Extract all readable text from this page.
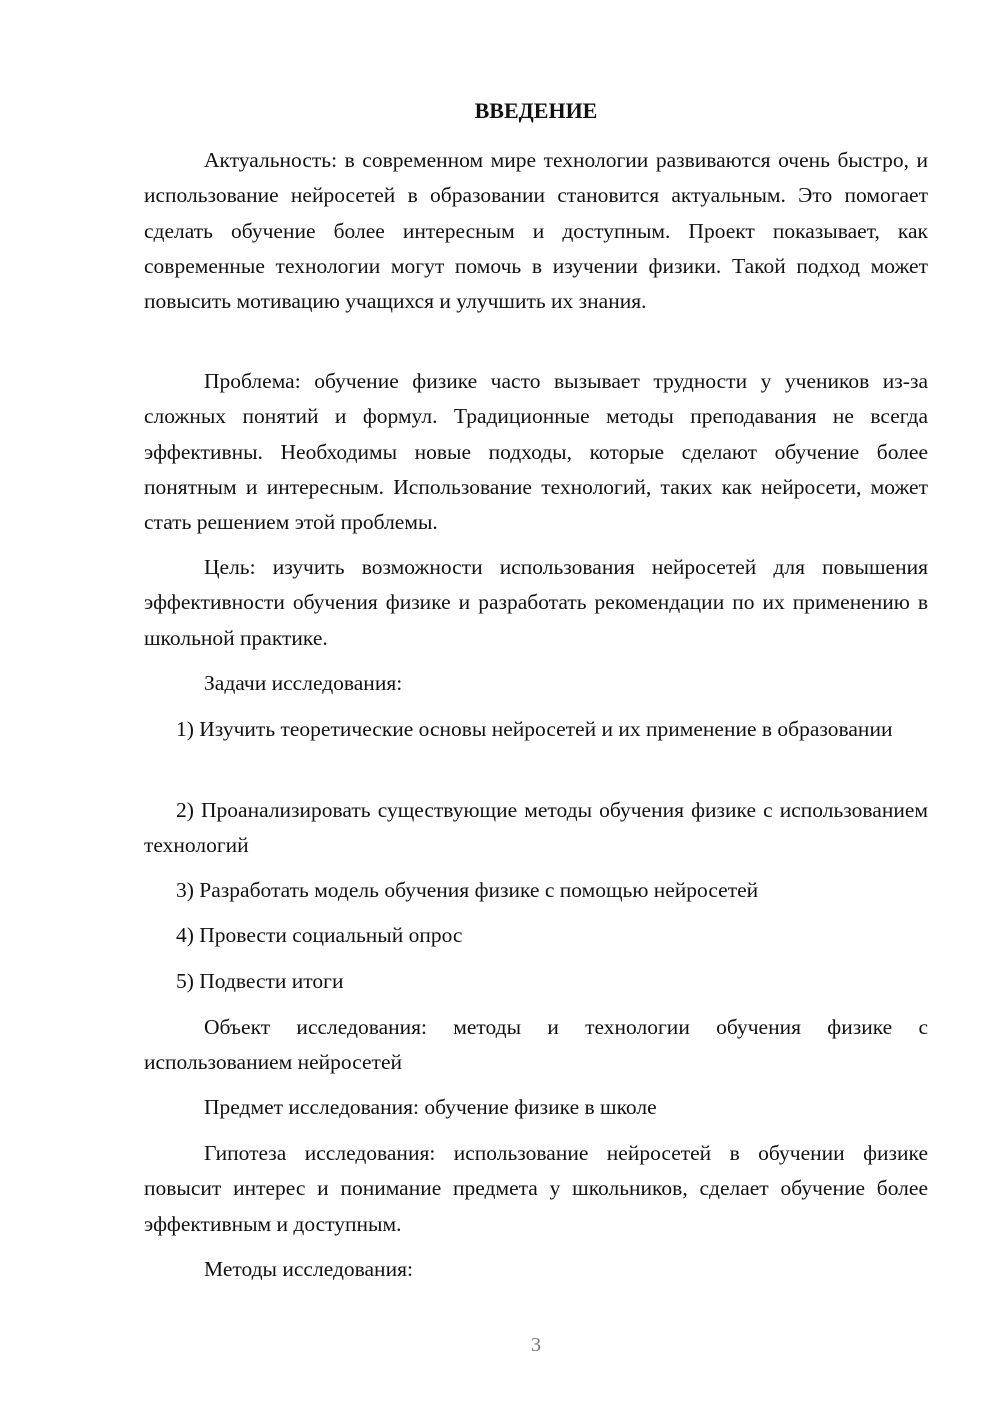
ВВЕДЕНИЕ

Актуальность: в современном мире технологии развиваются очень быстро, и использование нейросетей в образовании становится актуальным. Это помогает сделать обучение более интересным и доступным. Проект показывает, как современные технологии могут помочь в изучении физики. Такой подход может повысить мотивацию учащихся и улучшить их знания.

Проблема: обучение физике часто вызывает трудности у учеников из-за сложных понятий и формул. Традиционные методы преподавания не всегда эффективны. Необходимы новые подходы, которые сделают обучение более понятным и интересным. Использование технологий, таких как нейросети, может стать решением этой проблемы.

Цель: изучить возможности использования нейросетей для повышения эффективности обучения физике и разработать рекомендации по их применению в школьной практике.

Задачи исследования:

1) Изучить теоретические основы нейросетей и их применение в образовании

2) Проанализировать существующие методы обучения физике с использованием технологий

3) Разработать модель обучения физике с помощью нейросетей

4) Провести социальный опрос

5) Подвести итоги

Объект исследования: методы и технологии обучения физике с использованием нейросетей

Предмет исследования: обучение физике в школе

Гипотеза исследования: использование нейросетей в обучении физике повысит интерес и понимание предмета у школьников, сделает обучение более эффективным и доступным.

Методы исследования:

3
